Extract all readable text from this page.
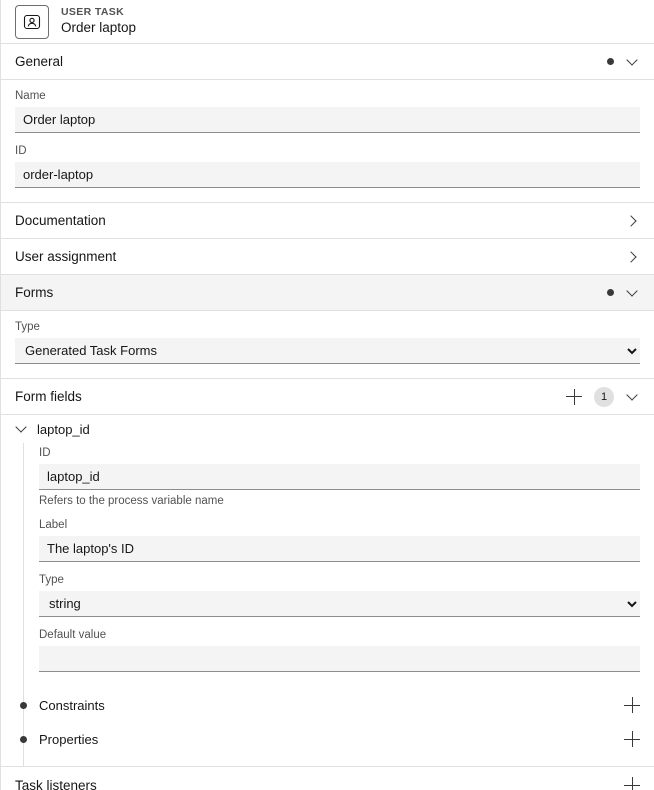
USER TASK
Order laptop
General
Name
Order laptop
ID
order-laptop
Documentation
User assignment
Forms
Type
Generated Task Forms
Form fields	1
laptop_id
ID
laptop_id
Refers to the process variable name
Label
The laptop's ID
Type
string
Default value
Constraints
Properties
Task listeners
